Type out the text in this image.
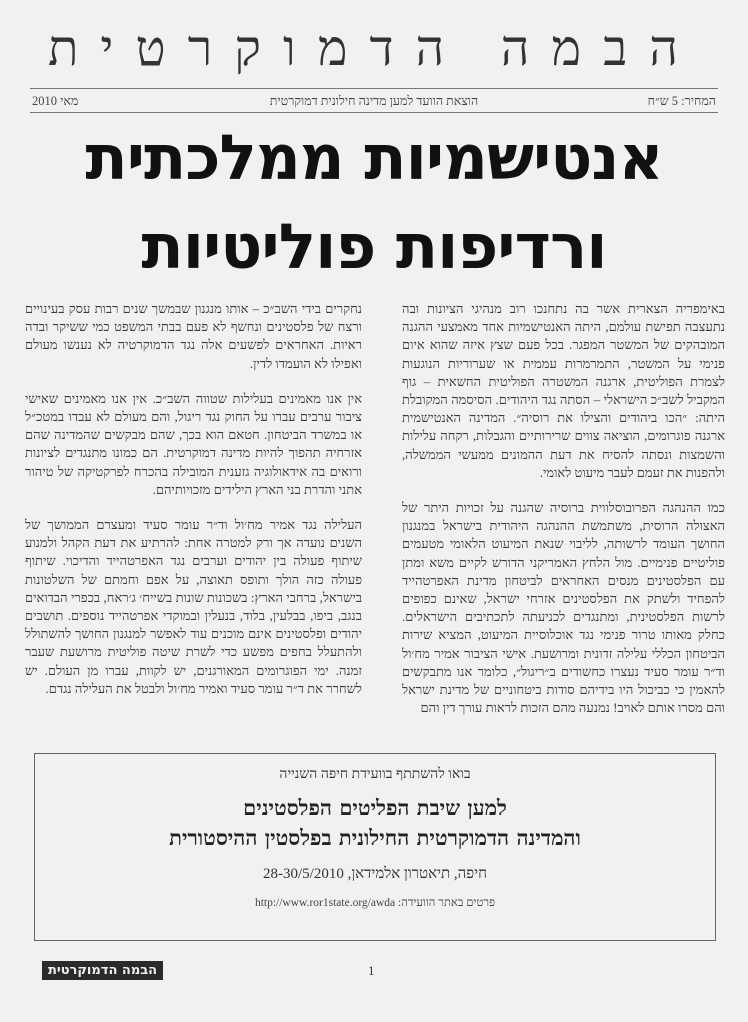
הבמה הדמוקרטית
מאי 2010	הוצאת הוועד למען מדינה חילונית דמוקרטית	המחיר: 5 ש״ח
אנטישמיות ממלכתית
ורדיפות פוליטיות

באימפריה הצארית אשר בה נתחנכו רוב מנהיגי הציונות ובה נתעצבה תפישת עולמם, היתה האנטישמיות אחד מאמצעי ההגנה המובהקים של המשטר המפגר. בכל פעם שצץ איזה שהוא איום פנימי על המשטר, התמרמרות עממית או שערוריות הנוגעות לצמרת הפוליטית, ארגנה המשטרה הפוליטית החשאית – גוף המקביל לשב״כ הישראלי – הסתה נגד היהודים. הסיסמה המקובלת היתה: ״הכו ביהודים והצילו את רוסיה״. המדינה האנטישמית ארגנה פוגרומים, הוציאה צווים שרירותיים והגבלות, רקחה עלילות והשמצות ונסתה להסיח את דעת ההמונים ממעשי הממשלה, ולהפנות את זעמם לעבר מיעוט לאומי.

כמו ההנהגה הפרובוסלווית ברוסיה שהגנה על זכויות היתר של האצולה הרוסית, משתמשת ההנהגה היהודית בישראל במנגנון החושך העומד לרשותה, לליבוי שנאת המיעוט הלאומי מטעמים פוליטיים פנימיים. מול הלחץ האמריקני הדורש לקיים משא ומתן עם הפלסטינים מנסים האחראים לביטחון מדינת האפרטהייד להפחיד ולשתק את הפלסטינים אזרחי ישראל, שאינם כפופים לרשות הפלסטינית, ומתנגדים לכניעתה לתכתיבים הישראלים. כחלק מאותו טרור פנימי נגד אוכלוסיית המיעוט, המציא שירות הביטחון הכללי עלילה זדונית ומרושעת. אישי הציבור אמיר מח׳ול וד״ר עומר סעיד נעצרו כחשודים ב״ריגול״, כלומר אנו מתבקשים להאמין כי כביכול היו בידיהם סודות ביטחוניים של מדינת ישראל והם מסרו אותם לאויב! נמנעה מהם הזכות לראות עורך דין והם

נחקרים בידי השב״כ – אותו מנגנון שבמשך שנים רבות עסק בעינויים ורצח של פלסטינים ונחשף לא פעם בבתי המשפט כמי ששיקר ובדה ראיות. האחראים לפשעים אלה נגד הדמוקרטיה לא נענשו מעולם ואפילו לא הועמדו לדין.

אין אנו מאמינים בעלילות שטווה השב״כ. אין אנו מאמינים שאישי ציבור ערבים עברו על החוק נגד ריגול, והם מעולם לא עבדו במטכ״ל או במשרד הביטחון. חטאם הוא בכך, שהם מבקשים שהמדינה שהם אזרחיה תהפוך להיות מדינה דמוקרטית. הם כמונו מתנגדים לציונות ורואים בה אידאולוגיה גזענית המובילה בהכרח לפרקטיקה של טיהור אתני והדרת בני הארץ הילידים מזכויותיהם.

העלילה נגד אמיר מח׳ול וד״ר עומר סעיד ומעצרם הממושך של השנים נועדה אך ורק למטרה אחת: להרתיע את דעת הקהל ולמנוע שיתוף פעולה בין יהודים וערבים נגד האפרטהייד והדיכוי. שיתוף פעולה כזה הולך ותופס תאוצה, על אפם וחמתם של השלטונות בישראל, ברחבי הארץ: בשכונות שונות בשייח׳ ג׳ראח, בכפרי הבדואים בנגב, ביפו, בבלעין, בלוד, בנעלין ובמוקדי אפרטהייד נוספים. תושבים יהודים ופלסטינים אינם מוכנים עוד לאפשר למנגנון החושך להשתולל ולהתעלל בחפים מפשע כדי לשרת שיטה פוליטית מרושעת שעבר זמנה. ימי הפוגרומים המאורגנים, יש לקוות, עברו מן העולם. יש לשחרר את ד״ר עומר סעיד ואמיר מח׳ול ולבטל את העלילה נגדם.

בואו להשתתף בוועידת חיפה השנייה
למען שיבת הפליטים הפלסטינים
והמדינה הדמוקרטית החילונית בפלסטין ההיסטורית
חיפה, תיאטרון אלמידאן, 28-30/5/2010
פרטים באתר הוועידה: http://www.ror1state.org/awda
הבמה הדמוקרטית	1
